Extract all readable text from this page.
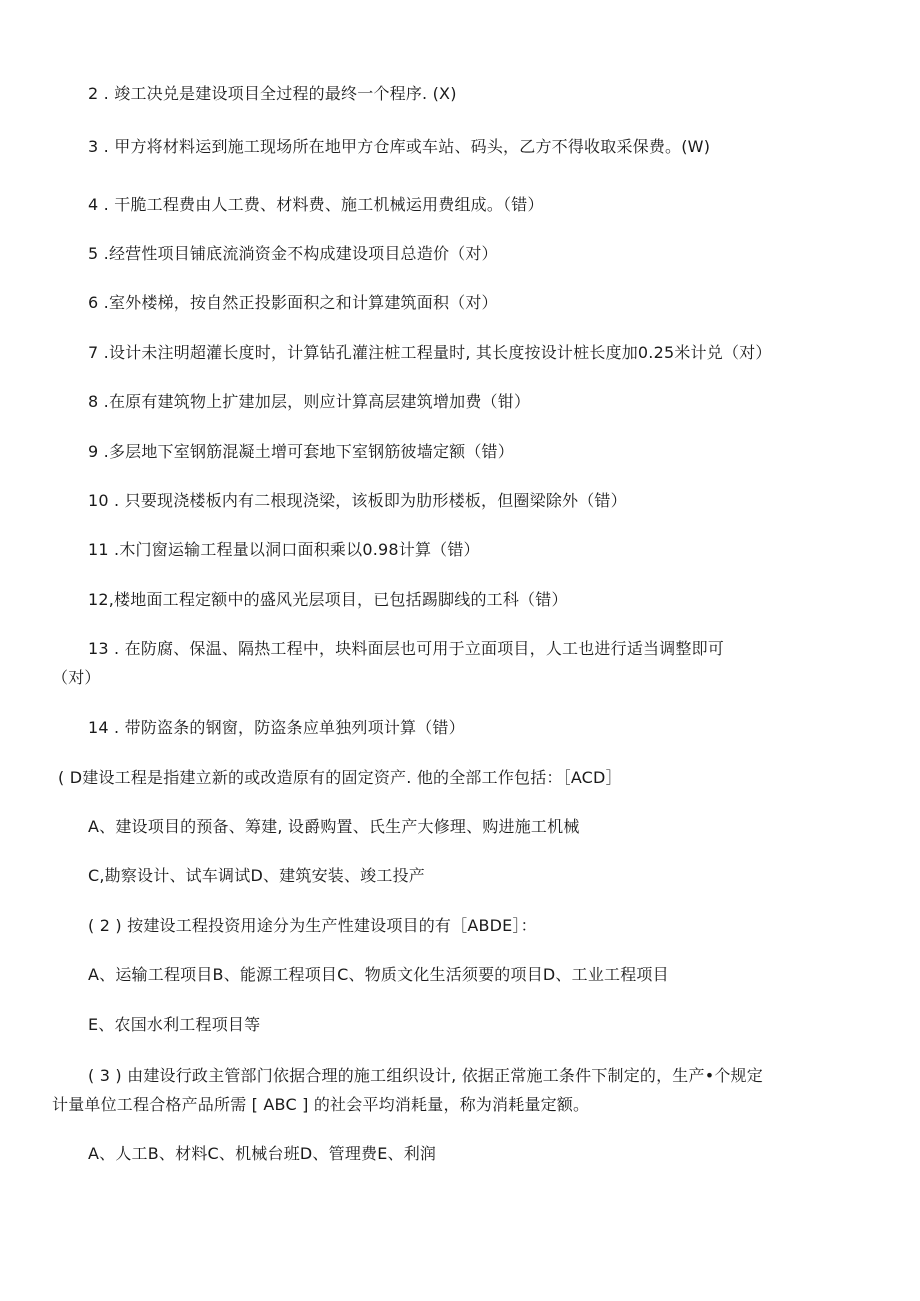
2 . 竣工决兑是建设项目全过程的最终一个程序. (X)
3 . 甲方将材料运到施工现场所在地甲方仓库或车站、码头，乙方不得收取采保费。(W)
4 . 干脆工程费由人工费、材料费、施工机械运用费组成。（错）
5 .经营性项目铺底流淌资金不构成建设项目总造价（对）
6 .室外楼梯，按自然正投影面积之和计算建筑面积（对）
7 .设计未注明超灌长度时，计算钻孔灌注桩工程量时, 其长度按设计桩长度加0.25米计兑（对）
8 .在原有建筑物上扩建加层，则应计算高层建筑增加费（钳）
9 .多层地下室钢筋混凝土增可套地下室钢筋彼墙定额（错）
10 . 只要现浇楼板内有二根现浇梁，该板即为肋形楼板，但圈梁除外（错）
11 .木门窗运输工程量以洞口面积乘以0.98计算（错）
12,楼地面工程定额中的盛风光层项目，已包括踢脚线的工科（错）
13 . 在防腐、保温、隔热工程中，块料面层也可用于立面项目，人工也进行适当调整即可
（对）
14 . 带防盗条的钢窗，防盗条应单独列项计算（错）
( D建设工程是指建立新的或改造原有的固定资产. 他的全部工作包括：［ACD］
A、建设项目的预备、筹建, 设爵购置、氏生产大修理、购进施工机械
C,勘察设计、试车调试D、建筑安装、竣工投产
( 2 ) 按建设工程投资用途分为生产性建设项目的有［ABDE］：
A、运输工程项目B、能源工程项目C、物质文化生活须要的项目D、工业工程项目
E、农国水利工程项目等
( 3 ) 由建设行政主管部门依据合理的施工组织设计, 依据正常施工条件下制定的，生产•个规定
计量单位工程合格产品所需 [ ABC ] 的社会平均消耗量，称为消耗量定额。
A、人工B、材料C、机械台班D、管理费E、利润
